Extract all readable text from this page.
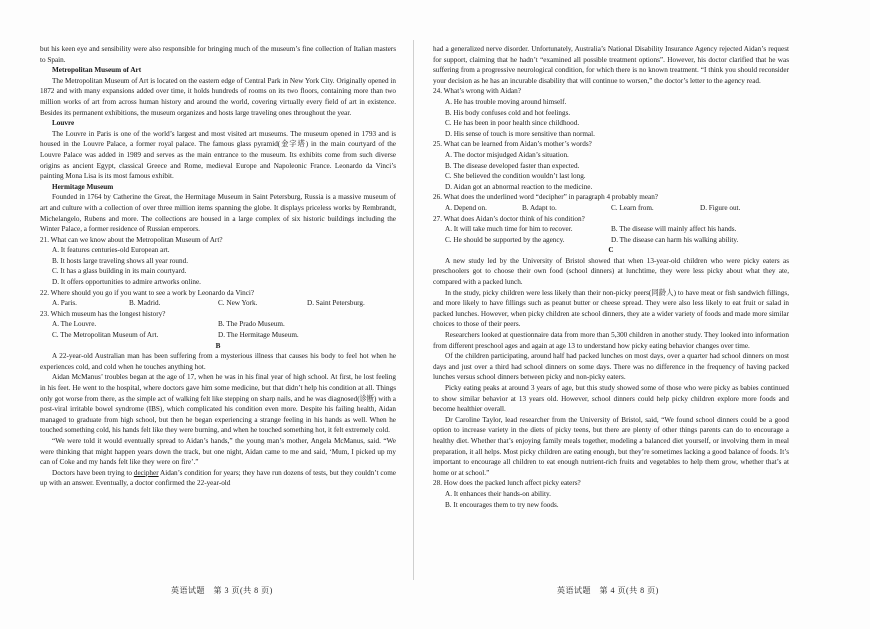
but his keen eye and sensibility were also responsible for bringing much of the museum’s fine collection of Italian masters to Spain.

Metropolitan Museum of Art

The Metropolitan Museum of Art is located on the eastern edge of Central Park in New York City. Originally opened in 1872 and with many expansions added over time, it holds hundreds of rooms on its two floors, containing more than two million works of art from across human history and around the world, covering virtually every field of art in existence. Besides its permanent exhibitions, the museum organizes and hosts large traveling ones throughout the year.

Louvre

The Louvre in Paris is one of the world’s largest and most visited art museums. The museum opened in 1793 and is housed in the Louvre Palace, a former royal palace. The famous glass pyramid(金字塔) in the main courtyard of the Louvre Palace was added in 1989 and serves as the main entrance to the museum. Its exhibits come from such diverse origins as ancient Egypt, classical Greece and Rome, medieval Europe and Napoleonic France. Leonardo da Vinci’s painting Mona Lisa is its most famous exhibit.

Hermitage Museum

Founded in 1764 by Catherine the Great, the Hermitage Museum in Saint Petersburg, Russia is a massive museum of art and culture with a collection of over three million items spanning the globe. It displays priceless works by Rembrandt, Michelangelo, Rubens and more. The collections are housed in a large complex of six historic buildings including the Winter Palace, a former residence of Russian emperors.

21. What can we know about the Metropolitan Museum of Art?

A. It features centuries-old European art.

B. It hosts large traveling shows all year round.

C. It has a glass building in its main courtyard.

D. It offers opportunities to admire artworks online.

22. Where should you go if you want to see a work by Leonardo da Vinci?

A. Paris.	B. Madrid.	C. New York.	D. Saint Petersburg.

23. Which museum has the longest history?

A. The Louvre.	B. The Prado Museum.
C. The Metropolitan Museum of Art.	D. The Hermitage Museum.

B

A 22-year-old Australian man has been suffering from a mysterious illness that causes his body to feel hot when he experiences cold, and cold when he touches anything hot.

Aidan McManus’ troubles began at the age of 17, when he was in his final year of high school. At first, he lost feeling in his feet. He went to the hospital, where doctors gave him some medicine, but that didn’t help his condition at all. Things only got worse from there, as the simple act of walking felt like stepping on sharp nails, and he was diagnosed(诊断) with a post-viral irritable bowel syndrome (IBS), which complicated his condition even more. Despite his failing health, Aidan managed to graduate from high school, but then he began experiencing a strange feeling in his hands as well. When he touched something cold, his hands felt like they were burning, and when he touched something hot, it felt extremely cold.

“We were told it would eventually spread to Aidan’s hands,” the young man’s mother, Angela McManus, said. “We were thinking that might happen years down the track, but one night, Aidan came to me and said, ‘Mum, I picked up my can of Coke and my hands felt like they were on fire’.”

Doctors have been trying to decipher Aidan’s condition for years; they have run dozens of tests, but they couldn’t come up with an answer. Eventually, a doctor confirmed the 22-year-old

had a generalized nerve disorder. Unfortunately, Australia’s National Disability Insurance Agency rejected Aidan’s request for support, claiming that he hadn’t “examined all possible treatment options”. However, his doctor clarified that he was suffering from a progressive neurological condition, for which there is no known treatment. “I think you should reconsider your decision as he has an incurable disability that will continue to worsen,” the doctor’s letter to the agency read.

24. What’s wrong with Aidan?

A. He has trouble moving around himself.

B. His body confuses cold and hot feelings.

C. He has been in poor health since childhood.

D. His sense of touch is more sensitive than normal.

25. What can be learned from Aidan’s mother’s words?

A. The doctor misjudged Aidan’s situation.

B. The disease developed faster than expected.

C. She believed the condition wouldn’t last long.

D. Aidan got an abnormal reaction to the medicine.

26. What does the underlined word “decipher” in paragraph 4 probably mean?

A. Depend on.	B. Adapt to.	C. Learn from.	D. Figure out.

27. What does Aidan’s doctor think of his condition?

A. It will take much time for him to recover.	B. The disease will mainly affect his hands.
C. He should be supported by the agency.	D. The disease can harm his walking ability.

C

A new study led by the University of Bristol showed that when 13-year-old children who were picky eaters as preschoolers got to choose their own food (school dinners) at lunchtime, they were less picky about what they ate, compared with a packed lunch.

In the study, picky children were less likely than their non-picky peers(同龄人) to have meat or fish sandwich fillings, and more likely to have fillings such as peanut butter or cheese spread. They were also less likely to eat fruit or salad in packed lunches. However, when picky children ate school dinners, they ate a wider variety of foods and made more similar choices to those of their peers.

Researchers looked at questionnaire data from more than 5,300 children in another study. They looked into information from different preschool ages and again at age 13 to understand how picky eating behavior changes over time.

Of the children participating, around half had packed lunches on most days, over a quarter had school dinners on most days and just over a third had school dinners on some days. There was no difference in the frequency of having packed lunches versus school dinners between picky and non-picky eaters.

Picky eating peaks at around 3 years of age, but this study showed some of those who were picky as babies continued to show similar behavior at 13 years old. However, school dinners could help picky children explore more foods and become healthier overall.

Dr Caroline Taylor, lead researcher from the University of Bristol, said, “We found school dinners could be a good option to increase variety in the diets of picky teens, but there are plenty of other things parents can do to encourage a healthy diet. Whether that’s enjoying family meals together, modeling a balanced diet yourself, or involving them in meal preparation, it all helps. Most picky children are eating enough, but they’re sometimes lacking a good balance of foods. It’s important to encourage all children to eat enough nutrient-rich fruits and vegetables to help them grow, whether that’s at home or at school.”

28. How does the packed lunch affect picky eaters?

A. It enhances their hands-on ability.

B. It encourages them to try new foods.

英语试题　第 3 页(共 8 页)	英语试题　第 4 页(共 8 页)
